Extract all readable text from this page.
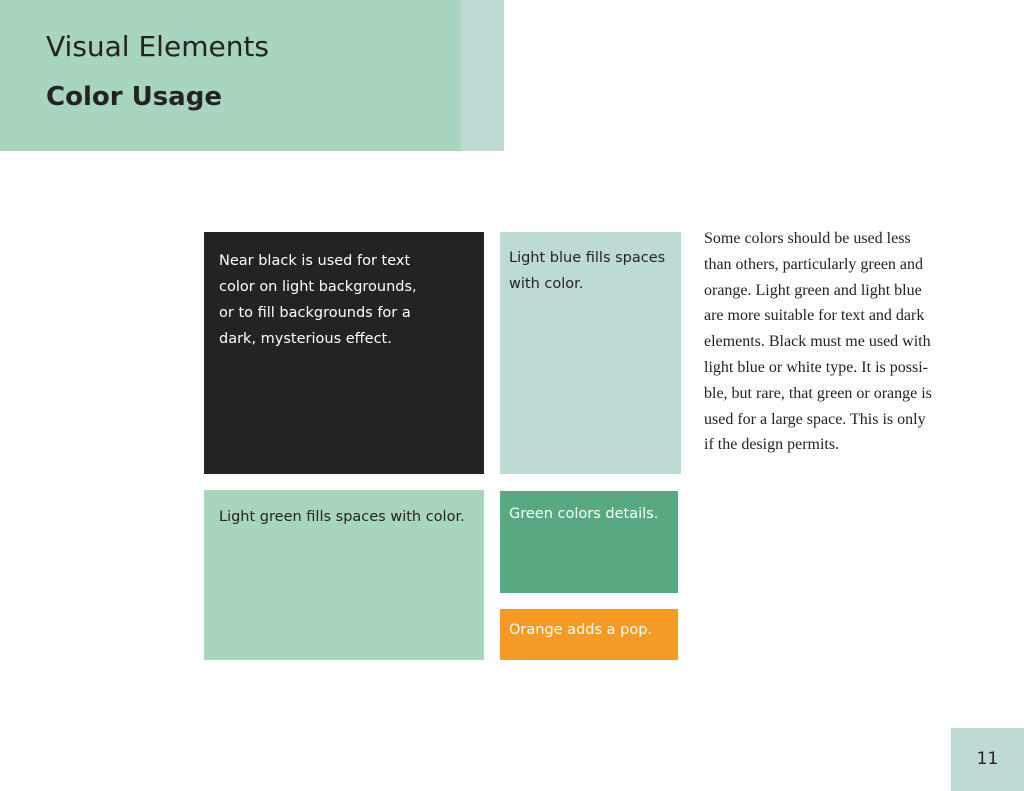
Visual Elements
Color Usage
Near black is used for text
color on light backgrounds,
or to fill backgrounds for a
dark, mysterious effect.
Light blue fills spaces
with color.
Light green fills spaces with color.	Green colors details.
Orange adds a pop.
Some colors should be used less
than others, particularly green and
orange. Light green and light blue
are more suitable for text and dark
elements. Black must me used with
light blue or white type. It is possi-
ble, but rare, that green or orange is
used for a large space. This is only
if the design permits.
11
